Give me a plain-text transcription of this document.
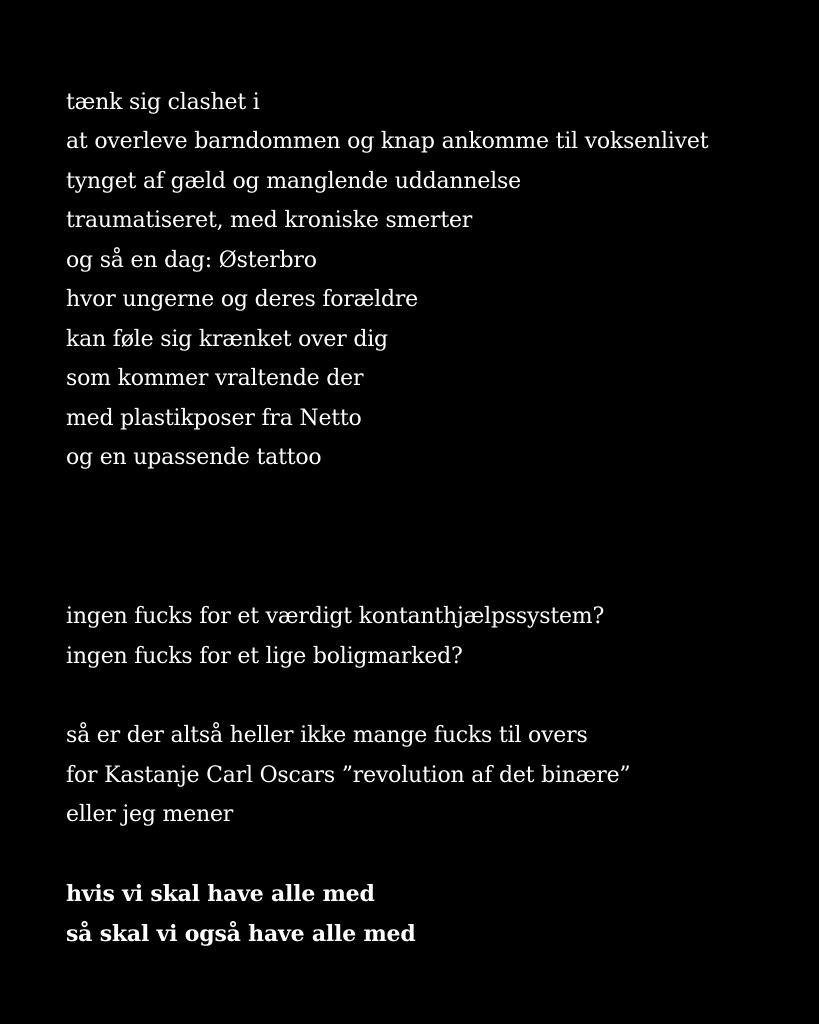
tænk sig clashet i
at overleve barndommen og knap ankomme til voksenlivet
tynget af gæld og manglende uddannelse
traumatiseret, med kroniske smerter
og så en dag: Østerbro
hvor ungerne og deres forældre
kan føle sig krænket over dig
som kommer vraltende der
med plastikposer fra Netto
og en upassende tattoo
ingen fucks for et værdigt kontanthjælpssystem?
ingen fucks for et lige boligmarked?
så er der altså heller ikke mange fucks til overs
for Kastanje Carl Oscars ”revolution af det binære”
eller jeg mener
hvis vi skal have alle med
så skal vi også have alle med
